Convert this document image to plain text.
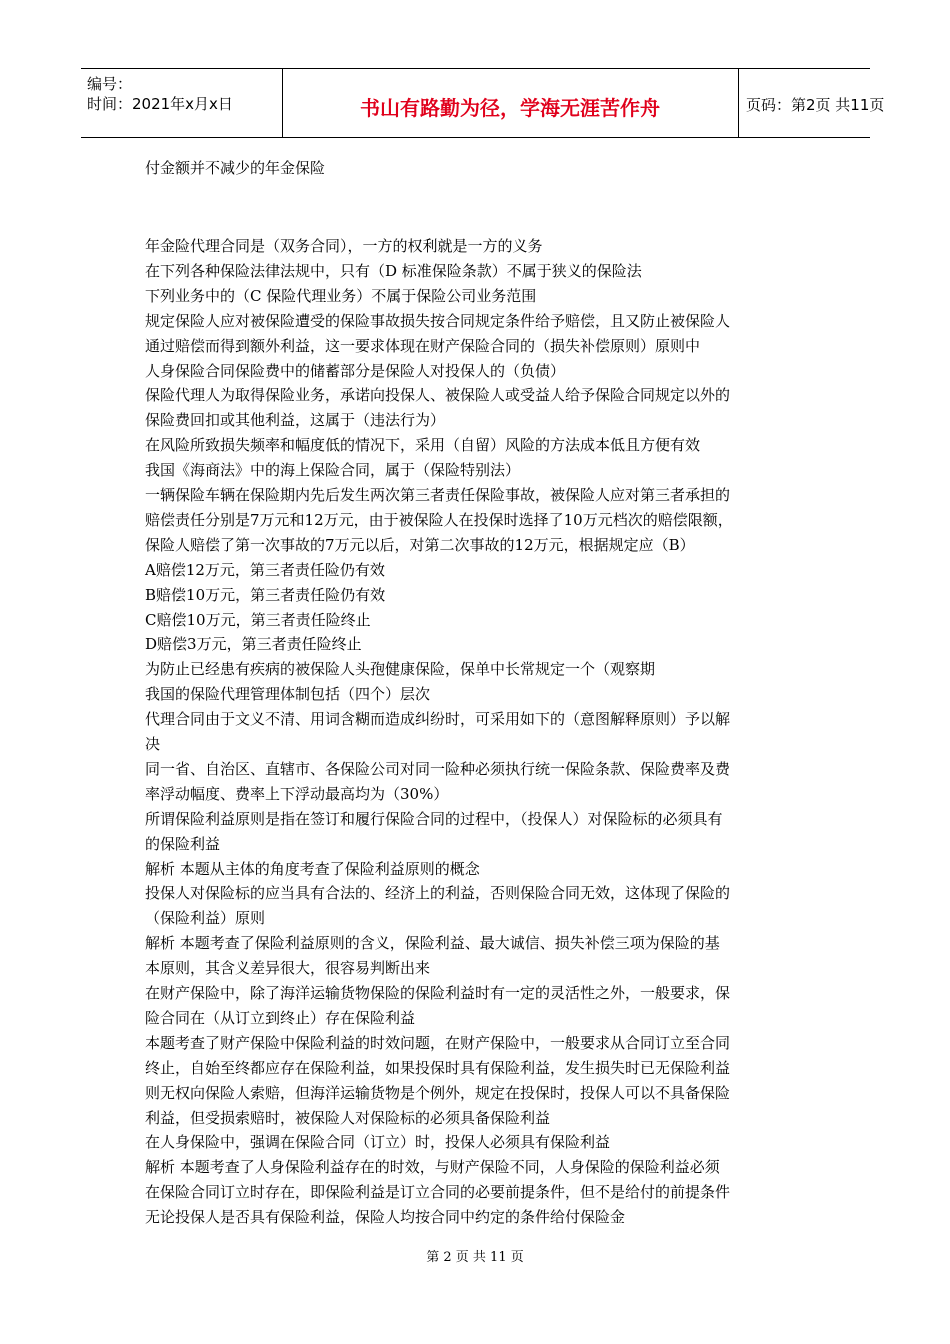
编号：
时间：2021年x月x日	书山有路勤为径，学海无涯苦作舟	页码：第2页 共11页
付金额并不减少的年金保险
年金险代理合同是（双务合同），一方的权利就是一方的义务
在下列各种保险法律法规中，只有（D 标准保险条款）不属于狭义的保险法
下列业务中的（C 保险代理业务）不属于保险公司业务范围
规定保险人应对被保险遭受的保险事故损失按合同规定条件给予赔偿，且又防止被保险人
通过赔偿而得到额外利益，这一要求体现在财产保险合同的（损失补偿原则）原则中
人身保险合同保险费中的储蓄部分是保险人对投保人的（负债）
保险代理人为取得保险业务，承诺向投保人、被保险人或受益人给予保险合同规定以外的
保险费回扣或其他利益，这属于（违法行为）
在风险所致损失频率和幅度低的情况下，采用（自留）风险的方法成本低且方便有效
我国《海商法》中的海上保险合同，属于（保险特别法）
一辆保险车辆在保险期内先后发生两次第三者责任保险事故，被保险人应对第三者承担的
赔偿责任分别是7万元和12万元，由于被保险人在投保时选择了10万元档次的赔偿限额，
保险人赔偿了第一次事故的7万元以后，对第二次事故的12万元，根据规定应（B）
A赔偿12万元，第三者责任险仍有效
B赔偿10万元，第三者责任险仍有效
C赔偿10万元，第三者责任险终止
D赔偿3万元，第三者责任险终止
为防止已经患有疾病的被保险人头孢健康保险，保单中长常规定一个（观察期
我国的保险代理管理体制包括（四个）层次
代理合同由于文义不清、用词含糊而造成纠纷时，可采用如下的（意图解释原则）予以解
决
同一省、自治区、直辖市、各保险公司对同一险种必须执行统一保险条款、保险费率及费
率浮动幅度、费率上下浮动最高均为（30%）
所谓保险利益原则是指在签订和履行保险合同的过程中，（投保人）对保险标的必须具有
的保险利益
解析 本题从主体的角度考查了保险利益原则的概念
投保人对保险标的应当具有合法的、经济上的利益，否则保险合同无效，这体现了保险的
（保险利益）原则
解析 本题考查了保险利益原则的含义，保险利益、最大诚信、损失补偿三项为保险的基
本原则，其含义差异很大，很容易判断出来
在财产保险中，除了海洋运输货物保险的保险利益时有一定的灵活性之外，一般要求，保
险合同在（从订立到终止）存在保险利益
本题考查了财产保险中保险利益的时效问题，在财产保险中，一般要求从合同订立至合同
终止，自始至终都应存在保险利益，如果投保时具有保险利益，发生损失时已无保险利益
则无权向保险人索赔，但海洋运输货物是个例外，规定在投保时，投保人可以不具备保险
利益，但受损索赔时，被保险人对保险标的必须具备保险利益
在人身保险中，强调在保险合同（订立）时，投保人必须具有保险利益
解析 本题考查了人身保险利益存在的时效，与财产保险不同，人身保险的保险利益必须
在保险合同订立时存在，即保险利益是订立合同的必要前提条件，但不是给付的前提条件
无论投保人是否具有保险利益，保险人均按合同中约定的条件给付保险金
第 2 页 共 11 页
